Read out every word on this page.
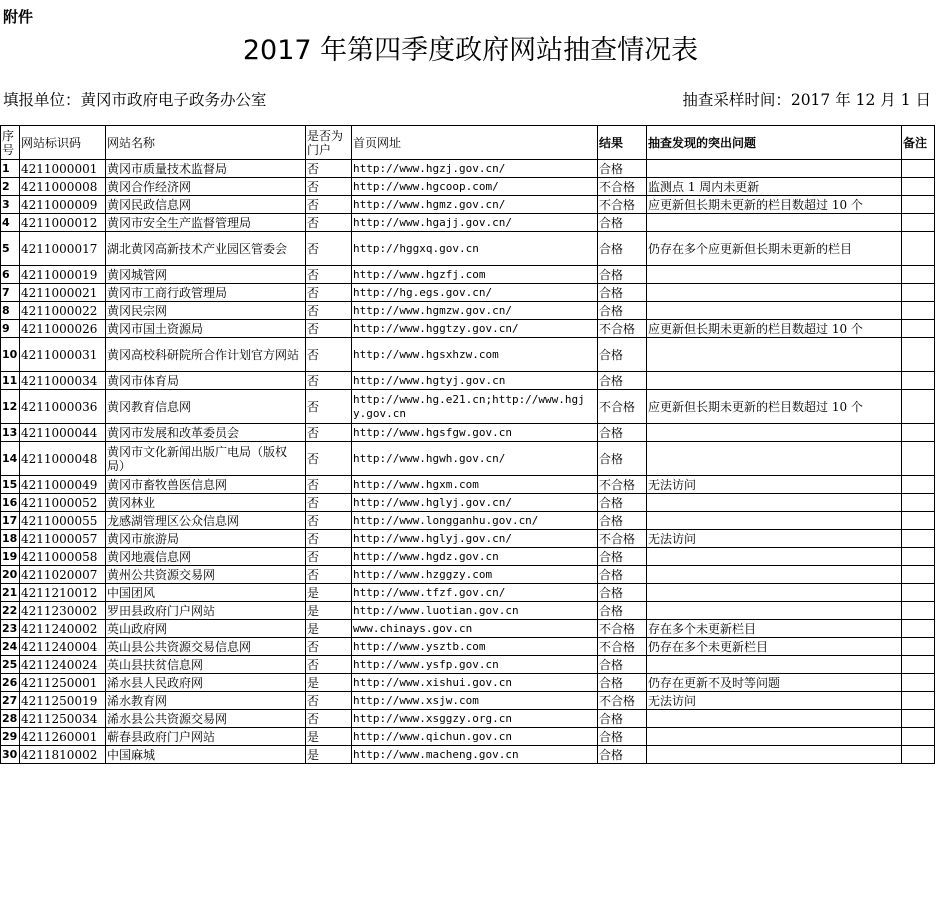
附件
2017 年第四季度政府网站抽查情况表
填报单位：黄冈市政府电子政务办公室	抽查采样时间：2017 年 12 月 1 日
序号	网站标识码	网站名称	是否为门户	首页网址	结果	抽查发现的突出问题	备注
1	4211000001	黄冈市质量技术监督局	否	http://www.hgzj.gov.cn/	合格		
2	4211000008	黄冈合作经济网	否	http://www.hgcoop.com/	不合格	监测点 1 周内未更新	
3	4211000009	黄冈民政信息网	否	http://www.hgmz.gov.cn/	不合格	应更新但长期未更新的栏目数超过 10 个	
4	4211000012	黄冈市安全生产监督管理局	否	http://www.hgajj.gov.cn/	合格		
5	4211000017	湖北黄冈高新技术产业园区管委会	否	http://hggxq.gov.cn	合格	仍存在多个应更新但长期未更新的栏目	
6	4211000019	黄冈城管网	否	http://www.hgzfj.com	合格		
7	4211000021	黄冈市工商行政管理局	否	http://hg.egs.gov.cn/	合格		
8	4211000022	黄冈民宗网	否	http://www.hgmzw.gov.cn/	合格		
9	4211000026	黄冈市国土资源局	否	http://www.hggtzy.gov.cn/	不合格	应更新但长期未更新的栏目数超过 10 个	
10	4211000031	黄冈高校科研院所合作计划官方网站	否	http://www.hgsxhzw.com	合格		
11	4211000034	黄冈市体育局	否	http://www.hgtyj.gov.cn	合格		
12	4211000036	黄冈教育信息网	否	http://www.hg.e21.cn;http://www.hgjy.gov.cn	不合格	应更新但长期未更新的栏目数超过 10 个	
13	4211000044	黄冈市发展和改革委员会	否	http://www.hgsfgw.gov.cn	合格		
14	4211000048	黄冈市文化新闻出版广电局（版权局）	否	http://www.hgwh.gov.cn/	合格		
15	4211000049	黄冈市畜牧兽医信息网	否	http://www.hgxm.com	不合格	无法访问	
16	4211000052	黄冈林业	否	http://www.hglyj.gov.cn/	合格		
17	4211000055	龙感湖管理区公众信息网	否	http://www.longganhu.gov.cn/	合格		
18	4211000057	黄冈市旅游局	否	http://www.hglyj.gov.cn/	不合格	无法访问	
19	4211000058	黄冈地震信息网	否	http://www.hgdz.gov.cn	合格		
20	4211020007	黄州公共资源交易网	否	http://www.hzggzy.com	合格		
21	4211210012	中国团风	是	http://www.tfzf.gov.cn/	合格		
22	4211230002	罗田县政府门户网站	是	http://www.luotian.gov.cn	合格		
23	4211240002	英山政府网	是	www.chinays.gov.cn	不合格	存在多个未更新栏目	
24	4211240004	英山县公共资源交易信息网	否	http://www.ysztb.com	不合格	仍存在多个未更新栏目	
25	4211240024	英山县扶贫信息网	否	http://www.ysfp.gov.cn	合格		
26	4211250001	浠水县人民政府网	是	http://www.xishui.gov.cn	合格	仍存在更新不及时等问题	
27	4211250019	浠水教育网	否	http://www.xsjw.com	不合格	无法访问	
28	4211250034	浠水县公共资源交易网	否	http://www.xsggzy.org.cn	合格		
29	4211260001	蕲春县政府门户网站	是	http://www.qichun.gov.cn	合格		
30	4211810002	中国麻城	是	http://www.macheng.gov.cn	合格		
